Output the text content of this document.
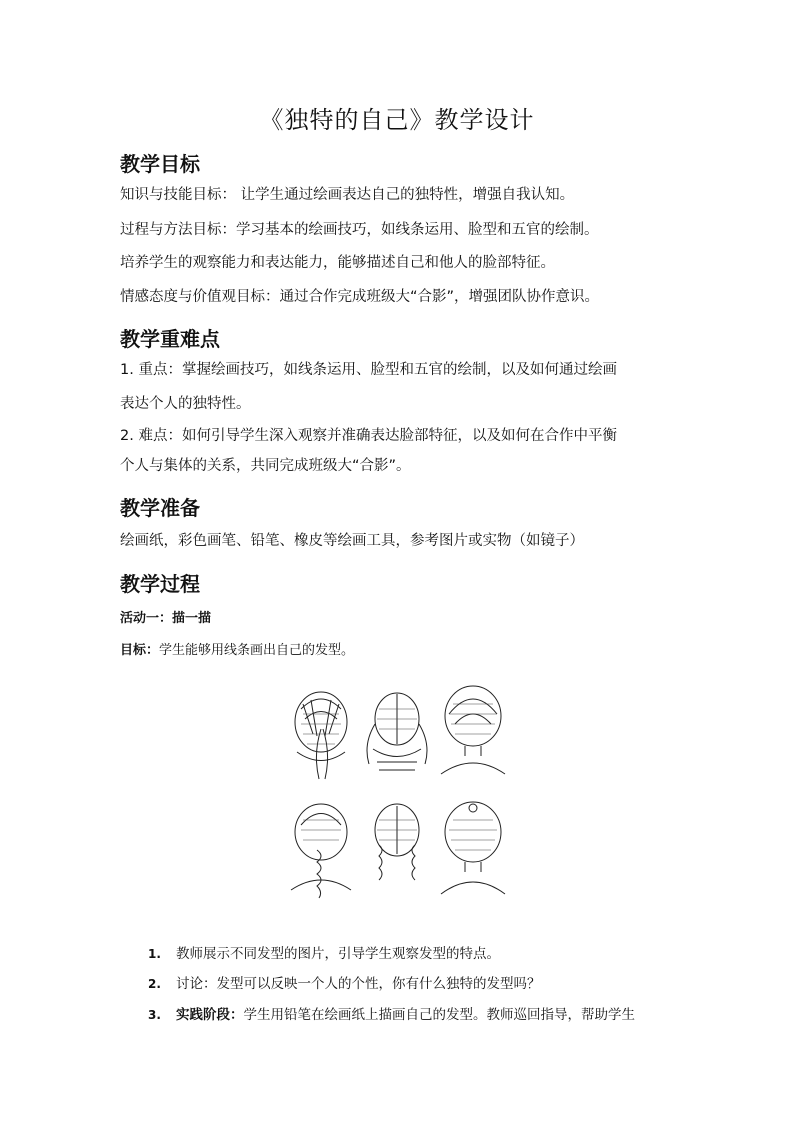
《独特的自己》教学设计
教学目标
知识与技能目标： 让学生通过绘画表达自己的独特性，增强自我认知。
过程与方法目标：学习基本的绘画技巧，如线条运用、脸型和五官的绘制。
培养学生的观察能力和表达能力，能够描述自己和他人的脸部特征。
情感态度与价值观目标：通过合作完成班级大“合影”，增强团队协作意识。
教学重难点
1. 重点：掌握绘画技巧，如线条运用、脸型和五官的绘制，以及如何通过绘画
表达个人的独特性。
2. 难点：如何引导学生深入观察并准确表达脸部特征，以及如何在合作中平衡
个人与集体的关系，共同完成班级大“合影”。
教学准备
绘画纸，彩色画笔、铅笔、橡皮等绘画工具，参考图片或实物（如镜子）
教学过程
活动一：描一描
目标：学生能够用线条画出自己的发型。
1. 教师展示不同发型的图片，引导学生观察发型的特点。
2. 讨论：发型可以反映一个人的个性，你有什么独特的发型吗？
3. 实践阶段：学生用铅笔在绘画纸上描画自己的发型。教师巡回指导，帮助学生
